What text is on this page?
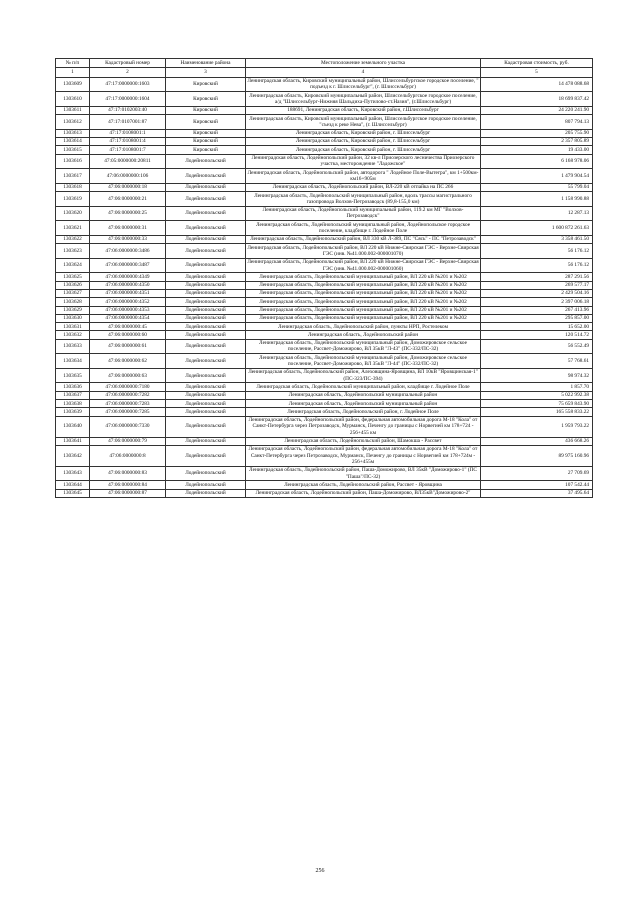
№ п/п	Кадастровый номер	Наименование района	Местоположение земельного участка	Кадастровая стоимость, руб.
1	2	3	4	5
1303609	47:17:0000000:1603	Кировский	Ленинградская область, Кировский муниципальный район, Шлиссельбургское городское поселение, " подъезд к г. Шлиссельбург", (г. Шлиссельбург)	14 478 088.68
1303610	47:17:0000000:1604	Кировский	Ленинградская область, Кировский муниципальный район, Шлиссельбургское городское поселение, а/д "Шлиссельбург-Нижняя Шальдиха-Путилово-ст.Назия", (г.Шлиссельбург)	18 699 837.42
1303611	47:17:0102003:40	Кировский	188691, Ленинградская область, Кировский район, г.Шлиссельбург	24 220 241.90
1303612	47:17:0107001:87	Кировский	Ленинградская область, Кировский муниципальный район, Шлиссельбургское городское поселение, "съезд к реке Нева", (г. Шлиссельбург)	807 794.13
1303613	47:17:0108001:1	Кировский	Ленинградская область, Кировский район, г. Шлиссельбург	205 755.90
1303614	47:17:0108001:4	Кировский	Ленинградская область, Кировский район, г. Шлиссельбург	2 357 805.89
1303615	47:17:0108001:7	Кировский	Ленинградская область, Кировский район, г. Шлиссельбург	19 433.00
1303616	47:05:0000000:20811	Лодейнопольский	Ленинградская область, Лодейнопольский район, 32 кв-л Приозерского лесничества Приозерского участка, месторождение "Ладожское"	6 168 978.06
1303617	47:06:0000000:106	Лодейнопольский	Ленинградская область, Лодейнопольский район, автодорога " Лодейное Поле-Вытегра", км 1+500км-км16+905м	1 479 904.54
1303618	47:06:0000000:18	Лодейнопольский	Ленинградская область, Лодейнопольский район, ВЛ-220 кВ отпайка на ПС 266	55 799.04
1303619	47:06:0000000:21	Лодейнопольский	Ленинградская область, Лодейнопольский муниципальный район, вдоль трассы магистрального газопровода Волхов-Петрозаводск (89,8-155,0 км)	1 158 990.88
1303620	47:06:0000000:25	Лодейнопольский	Ленинградская область, Лодейнопольский муниципальный район, 119.2 км МГ "Волхов-Петрозаводск"	12 287.13
1303621	47:06:0000000:31	Лодейнопольский	Ленинградская область, Лодейнопольский муниципальный район, Лодейнопольское городское поселение, кладбище г. Лодейное Поле	1 600 872 261.63
1303622	47:06:0000000:33	Лодейнопольский	Ленинградская область, Лодейнопольский район, ВЛ 330 кВ Л-389, ПС "Сясь" - ПС "Петрозаводск"	3 358 461.50
1303623	47:06:0000000:3486	Лодейнопольский	Ленинградская область, Лодейнопольский район, ВЛ 220 кВ Нижне-Свирская ГЭС - Верхне-Свирская ГЭС (инв. №41.000.002-000001070)	56 176.12
1303624	47:06:0000000:3487	Лодейнопольский	Ленинградская область, Лодейнопольский район, ВЛ 220 кВ Нижне-Свирская ГЭС - Верхне-Свирская ГЭС (инв. №41.000.002-000001060)	56 176.12
1303625	47:06:0000000:4349	Лодейнопольский	Ленинградская область, Лодейнопольский муниципальный район, ВЛ 220 кВ №201 и №202	287 291.56
1303626	47:06:0000000:4350	Лодейнопольский	Ленинградская область, Лодейнопольский муниципальный район, ВЛ 220 кВ №201 и №202	269 577.17
1303627	47:06:0000000:4351	Лодейнопольский	Ленинградская область, Лодейнопольский муниципальный район, ВЛ 220 кВ №201 и №202	2 429 504.16
1303628	47:06:0000000:4352	Лодейнопольский	Ленинградская область, Лодейнопольский муниципальный район, ВЛ 220 кВ №201 и №202	2 397 006.18
1303629	47:06:0000000:4353	Лодейнопольский	Ленинградская область, Лодейнопольский муниципальный район, ВЛ 220 кВ №201 и №202	267 413.96
1303630	47:06:0000000:4354	Лодейнопольский	Ленинградская область, Лодейнопольский муниципальный район, ВЛ 220 кВ №201 и №202	295 857.00
1303631	47:06:0000000:45	Лодейнопольский	Ленинградская область, Лодейнопольский район, пункты НРП, Ростелеком	15 652.00
1303632	47:06:0000000:60	Лодейнопольский	Ленинградская область, Лодейнопольский район	120 514.72
1303633	47:06:0000000:61	Лодейнопольский	Ленинградская область, Лодейнопольский муниципальный район, Доможировское сельское поселение, Рассвет-Доможирово, ВЛ 35кВ "Л-43" (ПС-332/ПС-32)	56 552.49
1303634	47:06:0000000:62	Лодейнопольский	Ленинградская область, Лодейнопольский муниципальный район, Доможировское сельское поселение, Рассвет-Доможирово, ВЛ 35кВ "Л-44" (ПС-332/ПС-32)	57 768.61
1303635	47:06:0000000:63	Лодейнопольский	Ленинградская область, Лодейнопольский район, Алеховщина-Яровщина, ВЛ 10кВ "Яровщинская-1" (ПС-323/ПС-394)	98 974.32
1303636	47:06:0000000:7180	Лодейнопольский	Ленинградская область, Лодейнопольский муниципальный район, кладбище г. Лодейное Поле	1 857.70
1303637	47:06:0000000:7282	Лодейнопольский	Ленинградская область, Лодейнопольский муниципальный район	5 022 992.38
1303638	47:06:0000000:7283	Лодейнопольский	Ленинградская область, Лодейнопольский муниципальный район	75 659 843.90
1303639	47:06:0000000:7285	Лодейнопольский	Ленинградская область, Лодейнопольский район, г. Лодейное Поле	165 558 833.22
1303640	47:06:0000000:7330	Лодейнопольский	Ленинградская область, Лодейнопольский район, федеральная автомобильная дорога М-18 "Кола" от Санкт-Петербурга через Петрозаводск, Мурманск, Печенгу до границы с Норвегией км 178+724 - 256+455 км	1 959 793.22
1303641	47:06:0000000:79	Лодейнопольский	Ленинградская область, Лодейнопольский район, Шамокша - Рассвет	436 668.26
1303642	47:06:0000000:8	Лодейнопольский	Ленинградская область, Лодейнопольский район, федеральная автомобильная дорога М-18 "Кола" от Санкт-Петербурга через Петрозаводск, Мурманск, Печенгу до границы с Норвегией км 178+724м - 256+455м	89 975 160.96
1303643	47:06:0000000:83	Лодейнопольский	Ленинградская область, Лодейнопольский район, Паша-Доможирово, ВЛ 35кВ "Доможирово-1" (ПС "Паша"/ПС-32)	27 709.69
1303644	47:06:0000000:84	Лодейнопольский	Ленинградская область, Лодейнопольский район, Рассвет - Яровщина	107 542.44
1303645	47:06:0000000:87	Лодейнопольский	Ленинградская область, Лодейнопольский район, Паша-Доможирово, ВЛ35кВ"Доможирово-2"	37 495.64
256
